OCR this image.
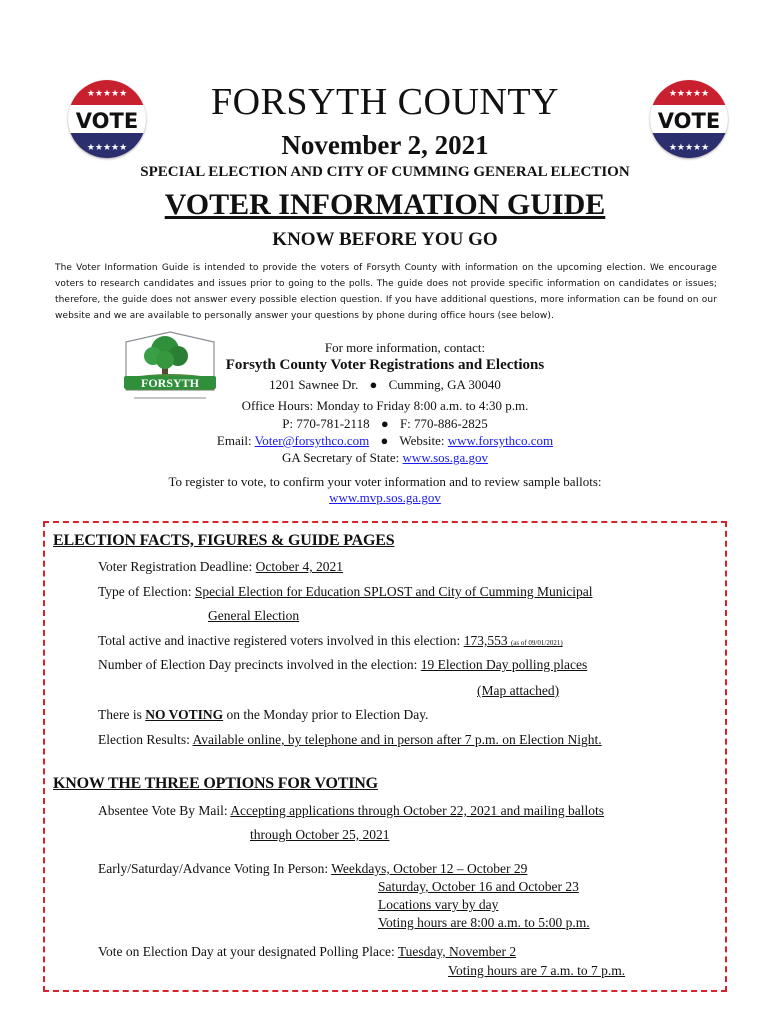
★★★★★
★★★★★
VOTE
★★★★★
★★★★★
VOTE
FORSYTH COUNTY
November 2, 2021
SPECIAL ELECTION AND CITY OF CUMMING GENERAL ELECTION
VOTER INFORMATION GUIDE
KNOW BEFORE YOU GO
The Voter Information Guide is intended to provide the voters of Forsyth County with information on the upcoming election. We encourage voters to research candidates and issues prior to going to the polls. The guide does not provide specific information on candidates or issues; therefore, the guide does not answer every possible election question. If you have additional questions, more information can be found on our website and we are available to personally answer your questions by phone during office hours (see below).
FORSYTH
For more information, contact:
Forsyth County Voter Registrations and Elections
1201 Sawnee Dr. ● Cumming, GA 30040
Office Hours: Monday to Friday 8:00 a.m. to 4:30 p.m.
P: 770-781-2118 ● F: 770-886-2825
Email: Voter@forsythco.com ● Website: www.forsythco.com
GA Secretary of State: www.sos.ga.gov
To register to vote, to confirm your voter information and to review sample ballots:
www.mvp.sos.ga.gov
ELECTION FACTS, FIGURES & GUIDE PAGES
Voter Registration Deadline: October 4, 2021
Type of Election: Special Election for Education SPLOST and City of Cumming Municipal
General Election
Total active and inactive registered voters involved in this election: 173,553 (as of 09/01/2021)
Number of Election Day precincts involved in the election: 19 Election Day polling places
(Map attached)
There is NO VOTING on the Monday prior to Election Day.
Election Results: Available online, by telephone and in person after 7 p.m. on Election Night.
KNOW THE THREE OPTIONS FOR VOTING
Absentee Vote By Mail: Accepting applications through October 22, 2021 and mailing ballots
through October 25, 2021
Early/Saturday/Advance Voting In Person: Weekdays, October 12 – October 29
Saturday, October 16 and October 23
Locations vary by day
Voting hours are 8:00 a.m. to 5:00 p.m.
Vote on Election Day at your designated Polling Place: Tuesday, November 2
Voting hours are 7 a.m. to 7 p.m.
